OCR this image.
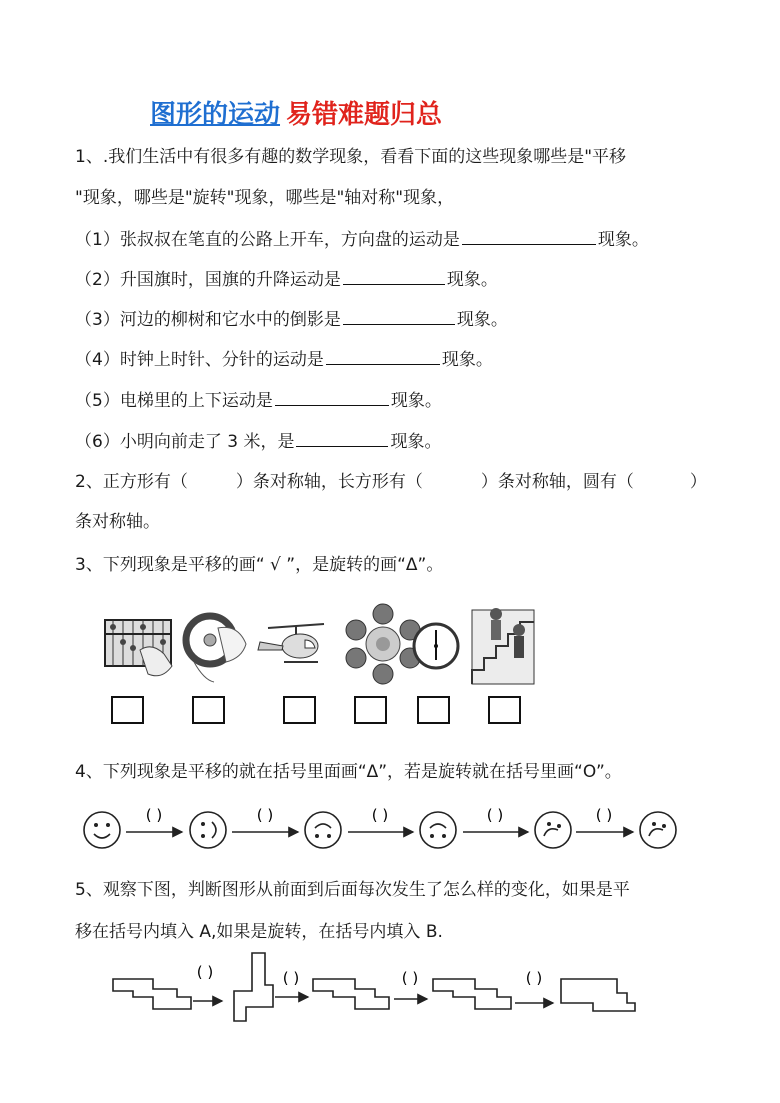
图形的运动 易错难题归总
1、.我们生活中有很多有趣的数学现象，看看下面的这些现象哪些是"平移
"现象，哪些是"旋转"现象，哪些是"轴对称"现象，
（1）张叔叔在笔直的公路上开车，方向盘的运动是	现象。
（2）升国旗时，国旗的升降运动是	现象。
（3）河边的柳树和它水中的倒影是	现象。
（4）时钟上时针、分针的运动是	现象。
（5）电梯里的上下运动是	现象。
（6）小明向前走了 3 米，是	现象。
2、正方形有（	）条对称轴，长方形有（	）条对称轴，圆有（	）
条对称轴。
3、下列现象是平移的画“ √ ”，是旋转的画“Δ”。
4、下列现象是平移的就在括号里面画“Δ”，若是旋转就在括号里画“O”。
( )	( )	( )	( )	( )
5、观察下图，判断图形从前面到后面每次发生了怎么样的变化，如果是平
移在括号内填入 A,如果是旋转，在括号内填入 B.
( )	( )	( )	( )
